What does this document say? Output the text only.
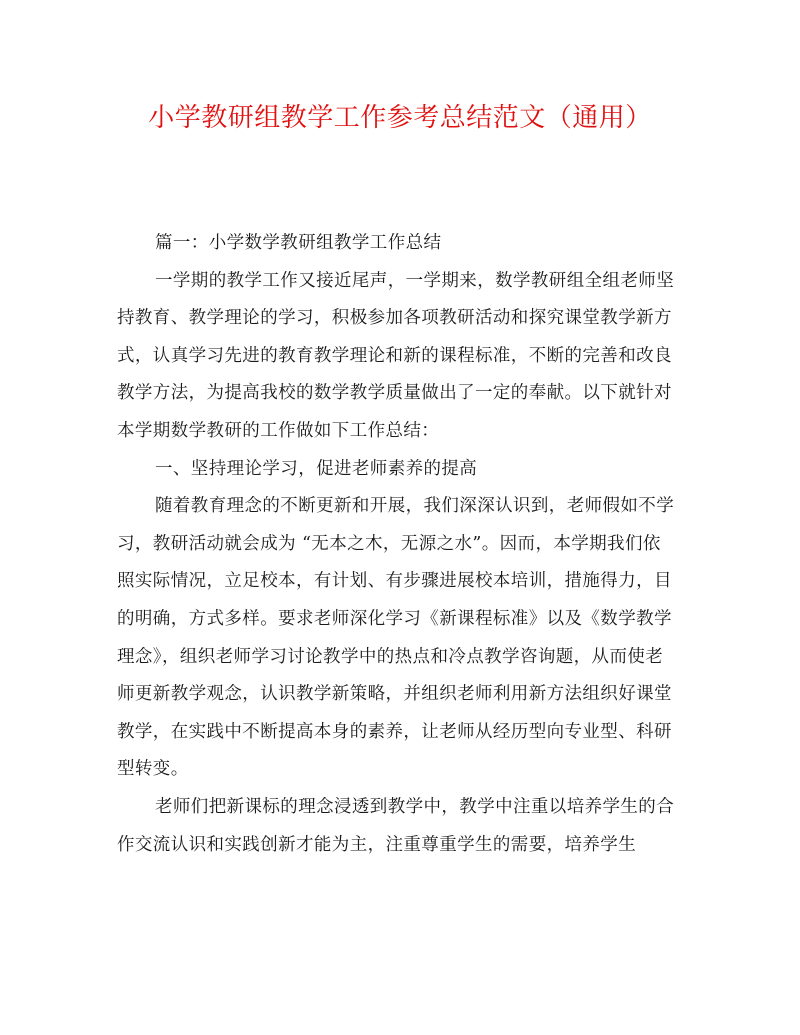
小学教研组教学工作参考总结范文（通用）

篇一：小学数学教研组教学工作总结

一学期的教学工作又接近尾声，一学期来，数学教研组全组老师坚持教育、教学理论的学习，积极参加各项教研活动和探究课堂教学新方式，认真学习先进的教育教学理论和新的课程标准，不断的完善和改良教学方法，为提高我校的数学教学质量做出了一定的奉献。以下就针对本学期数学教研的工作做如下工作总结：

一、坚持理论学习，促进老师素养的提高

随着教育理念的不断更新和开展，我们深深认识到，老师假如不学习，教研活动就会成为 “无本之木，无源之水”。因而，本学期我们依照实际情况，立足校本，有计划、有步骤进展校本培训，措施得力，目的明确，方式多样。要求老师深化学习《新课程标准》以及《数学教学理念》，组织老师学习讨论教学中的热点和冷点教学咨询题，从而使老师更新教学观念，认识教学新策略，并组织老师利用新方法组织好课堂教学，在实践中不断提高本身的素养，让老师从经历型向专业型、科研型转变。

老师们把新课标的理念浸透到教学中，教学中注重以培养学生的合作交流认识和实践创新才能为主，注重尊重学生的需要，培养学生
